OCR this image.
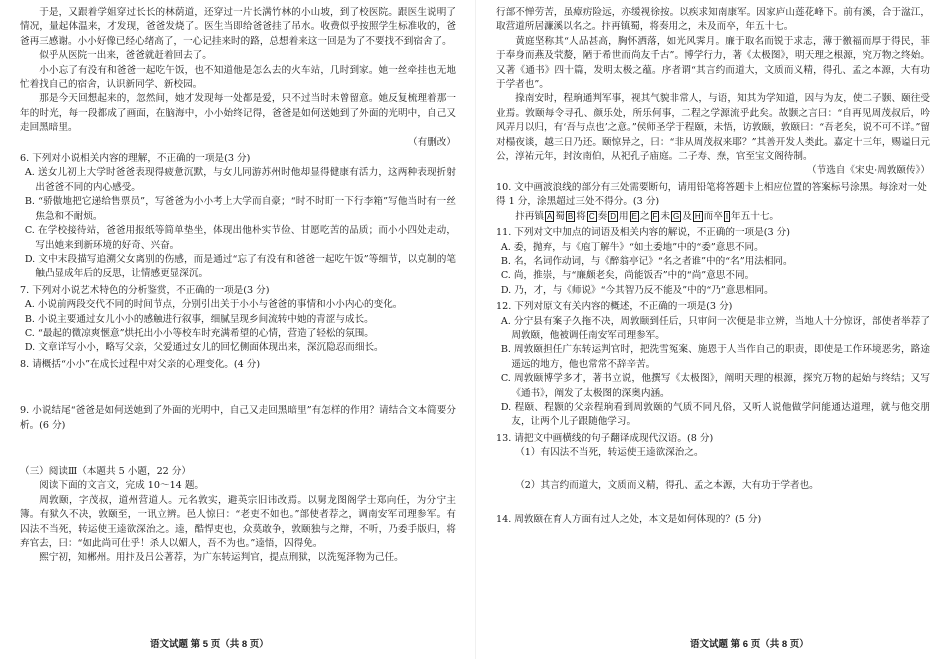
于是，又跟着学姐穿过长长的林荫道，还穿过一片长满竹林的小山坡，到了校医院。跟医生说明了情况，量起体温来，才发现，爸爸发烧了。医生当即给爸爸挂了吊水。收费似乎按照学生标准收的，爸爸再三感谢。小小好像已经心绪高了，一心记挂来时的路，总想着来这一回是为了不要找不到宿舍了。

似乎从医院一出来，爸爸就赶着回去了。

小小忘了有没有和爸爸一起吃午饭，也不知道他是怎么去的火车站，几时到家。她一丝牵挂也无地忙着找自己的宿舍，认识新同学、新校园。

那是今天回想起来的，忽然间，她才发现每一处都是爱，只不过当时未曾留意。她反复梳理着那一年的时光，每一段都成了画面，在脑海中，小小始终记得，爸爸是如何送她到了外面的光明中，自己又走回黑暗里。

（有删改）

6. 下列对小说相关内容的理解，不正确的一项是(3 分)

A. 送女儿初上大学时爸爸表现得疲惫沉默，与女儿同游苏州时他却显得健康有活力，这两种表现折射出爸爸不同的内心感受。

B. “骄傲地把它递给售票员”，写爸爸为小小考上大学而自豪；“时不时盯一下行李箱”写他当时有一丝焦急和不耐烦。

C. 在学校接待站，爸爸用报纸等简单垫坐，体现出他朴实节俭、甘愿吃苦的品质；而小小四处走动，写出她来到新环境的好奇、兴奋。

D. 文中末段描写追溯父女离别的伤感，而是通过“忘了有没有和爸爸一起吃午饭”等细节，以克制的笔触凸显成年后的反思，让情感更显深沉。

7. 下列对小说艺术特色的分析鉴赏，不正确的一项是(3 分)

A. 小说前两段交代不同的时间节点，分别引出关于小小与爸爸的事情和小小内心的变化。

B. 小说主要通过女儿小小的感触进行叙事，细腻呈现乡间流转中她的青涩与成长。

C. “最起的微凉爽惬意”烘托出小小等校车时充满希望的心情，营造了轻松的氛围。

D. 文章详写小小，略写父亲，父爱通过女儿的回忆侧面体现出来，深沉隐忍而细长。

8. 请概括“小小”在成长过程中对父亲的心理变化。(4 分)

9. 小说结尾“爸爸是如何送她到了外面的光明中，自己又走回黑暗里”有怎样的作用？请结合文本简要分析。(6 分)

（三）阅读Ⅲ（本题共 5 小题，22 分）

阅读下面的文言文，完成 10～14 题。

周敦颐，字茂叔，道州营道人。元名敦实，避英宗旧讳改焉。以舅龙图阁学士郑向任，为分宁主簿。有狱久不决，敦颐至，一讯立辨。邑人惊曰：“老吏不如也。”部使者荐之，调南安军司理参军。有囚法不当死，转运使王逵欲深治之。逵，酷悍吏也，众莫敢争，敦颐独与之辩，不听，乃委手版归，将弃官去，曰：“如此尚可仕乎！杀人以媚人，吾不为也。”逵悟，囚得免。

熙宁初，知郴州。用抃及吕公著荐，为广东转运判官，提点刑狱，以洗冤泽物为己任。

行部不惮劳苦，虽瘴疠险远，亦缓视徐按。以疾求知南康军。因家庐山莲花峰下。前有溪，合于湓江，取营道所居濂溪以名之。抃再镇蜀，将奏用之，未及而卒，年五十七。

黄庭坚称其“人品甚高，胸怀洒落，如光风霁月。廉于取名而锐于求志，薄于徼福而厚于得民，菲于奉身而燕及茕嫠，陋于希世而尚友千古”。博学行力，著《太极图》，明天理之根源，究万物之终始。又著《通书》四十篇，发明太极之蕴。序者谓“其言约而道大，文质而义精，得孔、孟之本源，大有功于学者也”。

掾南安时，程珦通判军事，视其气貌非常人，与语，知其为学知道，因与为友，使二子颢、颐往受业焉。敦颐每令寻孔、颜乐处，所乐何事，二程之学源流乎此矣。故颢之言曰：“自再见周茂叔后，吟风弄月以归，有‘吾与点也’之意。”侯师圣学于程颐，未悟，访敦颐，敦颐曰：“吾老矣，说不可不详。”留对榻夜谈，越三日乃还。颐惊异之，曰：“非从周茂叔来耶？”其善开发人类此。嘉定十三年，赐谥曰元公，淳祐元年，封汝南伯，从祀孔子庙庭。二子寿、焘，官至宝文阁待制。

（节选自《宋史·周敦颐传》）

10. 文中画波浪线的部分有三处需要断句，请用铅笔将答题卡上相应位置的答案标号涂黑。每涂对一处得 1 分，涂黑超过三处不得分。(3 分)

抃再镇 A 蜀 B 将 C 奏 D 用 E 之 F 未 G 及 H 而卒 I 年五十七。

11. 下列对文中加点的词语及相关内容的解说，不正确的一项是(3 分)

A. 委，抛弃，与《庖丁解牛》“如土委地”中的“委”意思不同。

B. 名，名词作动词，与《醉翁亭记》“名之者谁”中的“名”用法相同。

C. 尚，推崇，与“廉颇老矣，尚能饭否”中的“尚”意思不同。

D. 乃，才，与《师说》“今其智乃反不能及”中的“乃”意思相同。

12. 下列对原文有关内容的概述，不正确的一项是(3 分)

A. 分宁县有案子久拖不决，周敦颐到任后，只审问一次便是非立辨，当地人十分惊讶，部使者举荐了周敦颐，他被调任南安军司理参军。

B. 周敦颐担任广东转运判官时，把洗雪冤案、施恩于人当作自己的职责，即使是工作环境恶劣，路途遥远的地方，他也常常不辞辛苦。

C. 周敦颐博学多才，著书立说，他撰写《太极图》，阐明天理的根源，探究万物的起始与终结；又写《通书》，阐发了太极图的深奥内涵。

D. 程颐、程颢的父亲程珦看到周敦颐的气质不同凡俗，又听人说他做学问能通达道理，就与他交朋友，让两个儿子跟随他学习。

13. 请把文中画横线的句子翻译成现代汉语。(8 分)

（1）有囚法不当死，转运使王逵欲深治之。

（2）其言约而道大，文质而义精，得孔、孟之本源，大有功于学者也。

14. 周敦颐在育人方面有过人之处，本文是如何体现的？(5 分)

语文试题 第 5 页（共 8 页）	语文试题 第 6 页（共 8 页）
